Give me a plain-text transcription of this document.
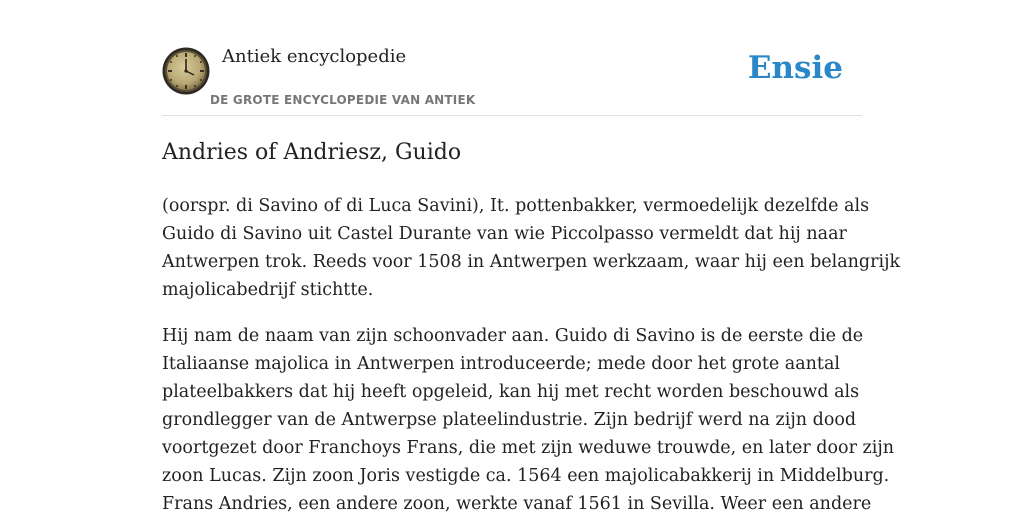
Antiek encyclopedie
DE GROTE ENCYCLOPEDIE VAN ANTIEK
Ensie
Andries of Andriesz, Guido

(oorspr. di Savino of di Luca Savini), It. pottenbakker, vermoedelijk dezelfde als
Guido di Savino uit Castel Durante van wie Piccolpasso vermeldt dat hij naar
Antwerpen trok. Reeds voor 1508 in Antwerpen werkzaam, waar hij een belangrijk
majolicabedrijf stichtte.

Hij nam de naam van zijn schoonvader aan. Guido di Savino is de eerste die de
Italiaanse majolica in Antwerpen introduceerde; mede door het grote aantal
plateelbakkers dat hij heeft opgeleid, kan hij met recht worden beschouwd als
grondlegger van de Antwerpse plateelindustrie. Zijn bedrijf werd na zijn dood
voortgezet door Franchoys Frans, die met zijn weduwe trouwde, en later door zijn
zoon Lucas. Zijn zoon Joris vestigde ca. 1564 een majolicabakkerij in Middelburg.
Frans Andries, een andere zoon, werkte vanaf 1561 in Sevilla. Weer een andere
